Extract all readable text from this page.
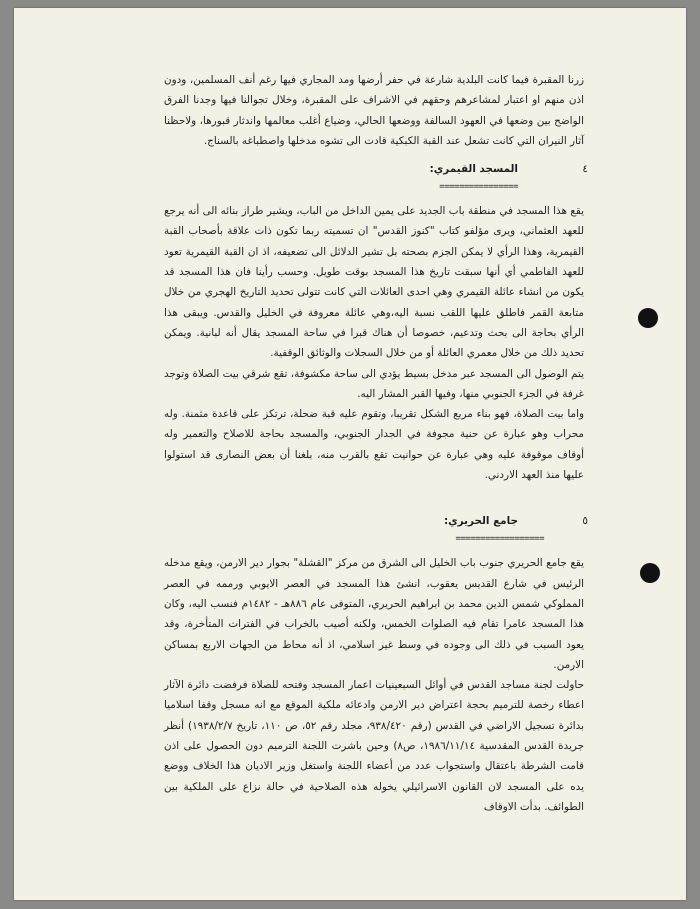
زرنا المقبرة فيما كانت البلدية شارعة في حفر أرضها ومد المجاري فيها رغم أنف المسلمين، ودون اذن منهم او اعتبار لمشاعرهم وحقهم في الاشراف على المقبرة، وخلال تجوالنا فيها وجدنا الفرق الواضح بين وضعها في العهود السالفة ووضعها الحالي، وضياع أغلب معالمها واندثار قبورها، ولاحظنا آثار النيران التي كانت تشعل عند القبة الكبكية قادت الى تشوه مدخلها واصطباغه بالسناج.

٤
المسجد القيمري:
================

يقع هذا المسجد في منطقة باب الجديد على يمين الداخل من الباب، ويشير طراز بنائه الى أنه يرجع للعهد العثماني، ويرى مؤلفو كتاب "كنوز القدس" ان تسميته ربما تكون ذات علاقة بأصحاب القبة القيمرية، وهذا الرأي لا يمكن الجزم بصحته بل تشير الدلائل الى تضعيفه، اذ ان القبة القيمرية تعود للعهد الفاطمي أي أنها سبقت تاريخ هذا المسجد بوقت طويل. وحسب رأينا فان هذا المسجد قد يكون من انشاء عائلة القيمري وهي احدى العائلات التي كانت تتولى تحديد التاريخ الهجري من خلال متابعة القمر فاطلق عليها اللقب نسبة اليه،وهي عائلة معروفة في الخليل والقدس. ويبقى هذا الرأي بحاجة الى بحث وتدعيم، خصوصا أن هناك قبرا في ساحة المسجد يقال أنه لبانية. ويمكن تحديد ذلك من خلال معمري العائلة أو من خلال السجلات والوثائق الوقفية.

يتم الوصول الى المسجد عبر مدخل بسيط يؤدي الى ساحة مكشوفة، تقع شرقي بيت الصلاة وتوجد غرفة في الجزء الجنوبي منها، وفيها القبر المشار اليه.

واما بيت الصلاة، فهو بناء مربع الشكل تقريبا، وتقوم عليه قبة ضحلة، ترتكز على قاعدة مثمنة. وله محراب وهو عبارة عن حنية مجوفة في الجدار الجنوبي، والمسجد بحاجة للاصلاح والتعمير وله أوقاف موقوفة عليه وهي عبارة عن حوانيت تقع بالقرب منه، بلغنا أن بعض النصارى قد استولوا عليها منذ العهد الاردني.

٥
جامع الحريري:
==================

يقع جامع الحريري جنوب باب الخليل الى الشرق من مركز "القشلة" بجوار دير الارمن، ويقع مدخله الرئيس في شارع القديس يعقوب، انشئ هذا المسجد في العصر الايوبي ورممه في العصر المملوكي شمس الدين محمد بن ابراهيم الحريري، المتوفى عام ٨٨٦هـ - ١٤٨٢م فنسب اليه، وكان هذا المسجد عامرا تقام فيه الصلوات الخمس، ولكنه أصيب بالخراب في الفترات المتأخرة، وقد يعود السبب في ذلك الى وجوده في وسط غير اسلامي، اذ أنه محاط من الجهات الاربع بمساكن الارمن.

حاولت لجنة مساجد القدس في أوائل السبعينيات اعمار المسجد وفتحه للصلاة فرفضت دائرة الآثار اعطاء رخصة للترميم بحجة اعتراض دير الارمن وادعائه ملكية الموقع مع انه مسجل وقفا اسلاميا بدائرة تسجيل الاراضي في القدس (رقم ٩٣٨/٤٢٠، مجلد رقم ٥٢، ص ١١٠، تاريخ ١٩٣٨/٢/٧) أنظر جريدة القدس المقدسية ١٩٨٦/١١/١٤، ص٨) وحين باشرت اللجنة الترميم دون الحصول على اذن قامت الشرطة باعتقال واستجواب عدد من أعضاء اللجنة واستغل وزير الاديان هذا الخلاف ووضع يده على المسجد لان القانون الاسرائيلي يخوله هذه الصلاحية في حالة نزاع على الملكية بين الطوائف. بدأت الاوقاف
